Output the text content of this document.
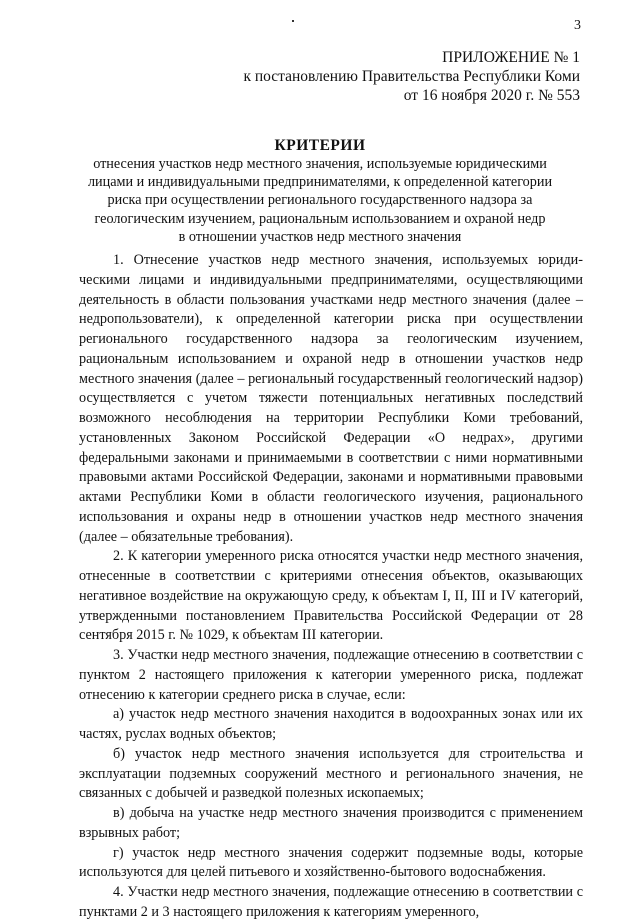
3
ПРИЛОЖЕНИЕ № 1
к постановлению Правительства Республики Коми
от 16 ноября 2020 г. № 553
КРИТЕРИИ
отнесения участков недр местного значения, используемые юридическими
лицами и индивидуальными предпринимателями, к определенной категории
риска при осуществлении регионального государственного надзора за
геологическим изучением, рациональным использованием и охраной недр
в отношении участков недр местного значения

1. Отнесение участков недр местного значения, используемых юридическими лицами и индивидуальными предпринимателями, осуществляющими деятельность в области пользования участками недр местного значения (далее – недропользователи), к определенной категории риска при осуществлении регионального государственного надзора за геологическим изучением, рациональным использованием и охраной недр в отношении участков недр местного значения (далее – региональный государственный геологический надзор) осуществляется с учетом тяжести потенциальных негативных последствий возможного несоблюдения на территории Республики Коми требований, установленных Законом Российской Федерации «О недрах», другими федеральными законами и принимаемыми в соответствии с ними нормативными правовыми актами Российской Федерации, законами и нормативными правовыми актами Республики Коми в области геологического изучения, рационального использования и охраны недр в отношении участков недр местного значения (далее – обязательные требования).

2. К категории умеренного риска относятся участки недр местного значения, отнесенные в соответствии с критериями отнесения объектов, оказывающих негативное воздействие на окружающую среду, к объектам I, II, III и IV категорий, утвержденными постановлением Правительства Российской Федерации от 28 сентября 2015 г. № 1029, к объектам III категории.

3. Участки недр местного значения, подлежащие отнесению в соответствии с пунктом 2 настоящего приложения к категории умеренного риска, подлежат отнесению к категории среднего риска в случае, если:

а) участок недр местного значения находится в водоохранных зонах или их частях, руслах водных объектов;

б) участок недр местного значения используется для строительства и эксплуатации подземных сооружений местного и регионального значения, не связанных с добычей и разведкой полезных ископаемых;

в) добыча на участке недр местного значения производится с применением взрывных работ;

г) участок недр местного значения содержит подземные воды, которые используются для целей питьевого и хозяйственно-бытового водоснабжения.

4. Участки недр местного значения, подлежащие отнесению в соответствии с пунктами 2 и 3 настоящего приложения к категориям умеренного,
